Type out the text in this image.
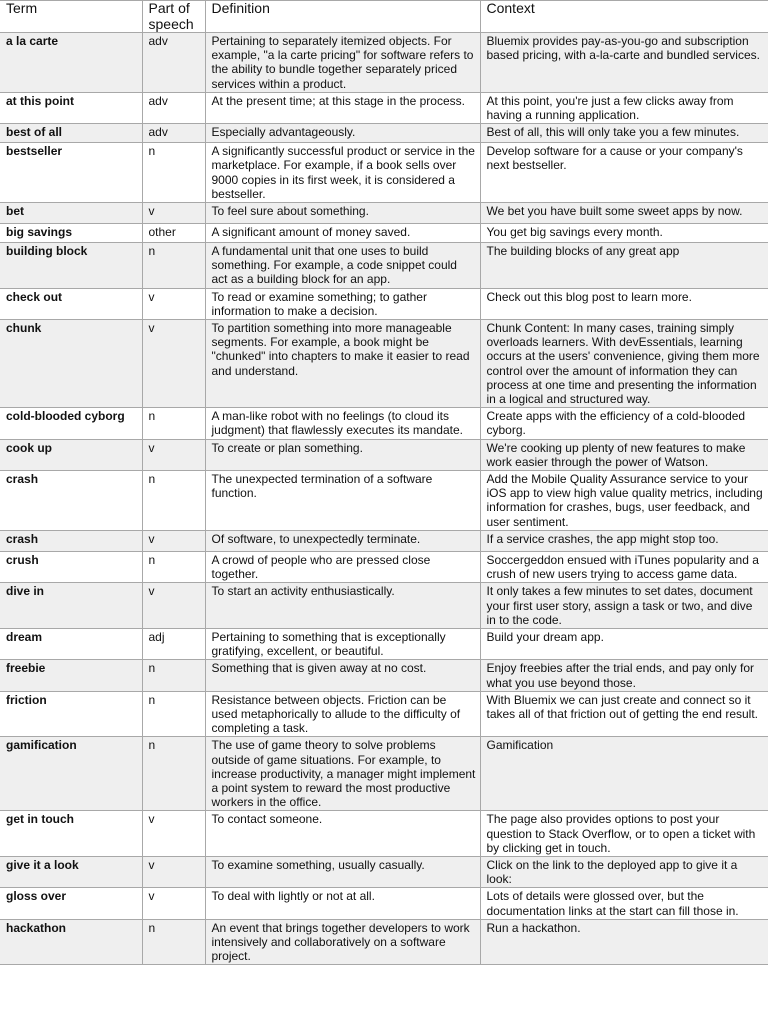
Term	Part of speech	Definition	Context
a la carte	adv	Pertaining to separately itemized objects. For example, "a la carte pricing" for software refers to the ability to bundle together separately priced services within a product.	Bluemix provides pay-as-you-go and subscription based pricing, with a-la-carte and bundled services.
at this point	adv	At the present time; at this stage in the process.	At this point, you're just a few clicks away from having a running application.
best of all	adv	Especially advantageously.	Best of all, this will only take you a few minutes.
bestseller	n	A significantly successful product or service in the marketplace. For example, if a book sells over 9000 copies in its first week, it is considered a bestseller.	Develop software for a cause or your company's next bestseller.
bet	v	To feel sure about something.	We bet you have built some sweet apps by now.
big savings	other	A significant amount of money saved.	You get big savings every month.
building block	n	A fundamental unit that one uses to build something. For example, a code snippet could act as a building block for an app.	The building blocks of any great app
check out	v	To read or examine something; to gather information to make a decision.	Check out this blog post to learn more.
chunk	v	To partition something into more manageable segments. For example, a book might be "chunked" into chapters to make it easier to read and understand.	Chunk Content: In many cases, training simply overloads learners. With devEssentials, learning occurs at the users' convenience, giving them more control over the amount of information they can process at one time and presenting the information in a logical and structured way.
cold-blooded cyborg	n	A man-like robot with no feelings (to cloud its judgment) that flawlessly executes its mandate.	Create apps with the efficiency of a cold-blooded cyborg.
cook up	v	To create or plan something.	We're cooking up plenty of new features to make work easier through the power of Watson.
crash	n	The unexpected termination of a software function.	Add the Mobile Quality Assurance service to your iOS app to view high value quality metrics, including information for crashes, bugs, user feedback, and user sentiment.
crash	v	Of software, to unexpectedly terminate.	If a service crashes, the app might stop too.
crush	n	A crowd of people who are pressed close together.	Soccergeddon ensued with iTunes popularity and a crush of new users trying to access game data.
dive in	v	To start an activity enthusiastically.	It only takes a few minutes to set dates, document your first user story, assign a task or two, and dive in to the code.
dream	adj	Pertaining to something that is exceptionally gratifying, excellent, or beautiful.	Build your dream app.
freebie	n	Something that is given away at no cost.	Enjoy freebies after the trial ends, and pay only for what you use beyond those.
friction	n	Resistance between objects. Friction can be used metaphorically to allude to the difficulty of completing a task.	With Bluemix we can just create and connect so it takes all of that friction out of getting the end result.
gamification	n	The use of game theory to solve problems outside of game situations. For example, to increase productivity, a manager might implement a point system to reward the most productive workers in the office.	Gamification
get in touch	v	To contact someone.	The page also provides options to post your question to Stack Overflow, or to open a ticket with by clicking get in touch.
give it a look	v	To examine something, usually casually.	Click on the link to the deployed app to give it a look:
gloss over	v	To deal with lightly or not at all.	Lots of details were glossed over, but the documentation links at the start can fill those in.
hackathon	n	An event that brings together developers to work intensively and collaboratively on a software project.	Run a hackathon.
